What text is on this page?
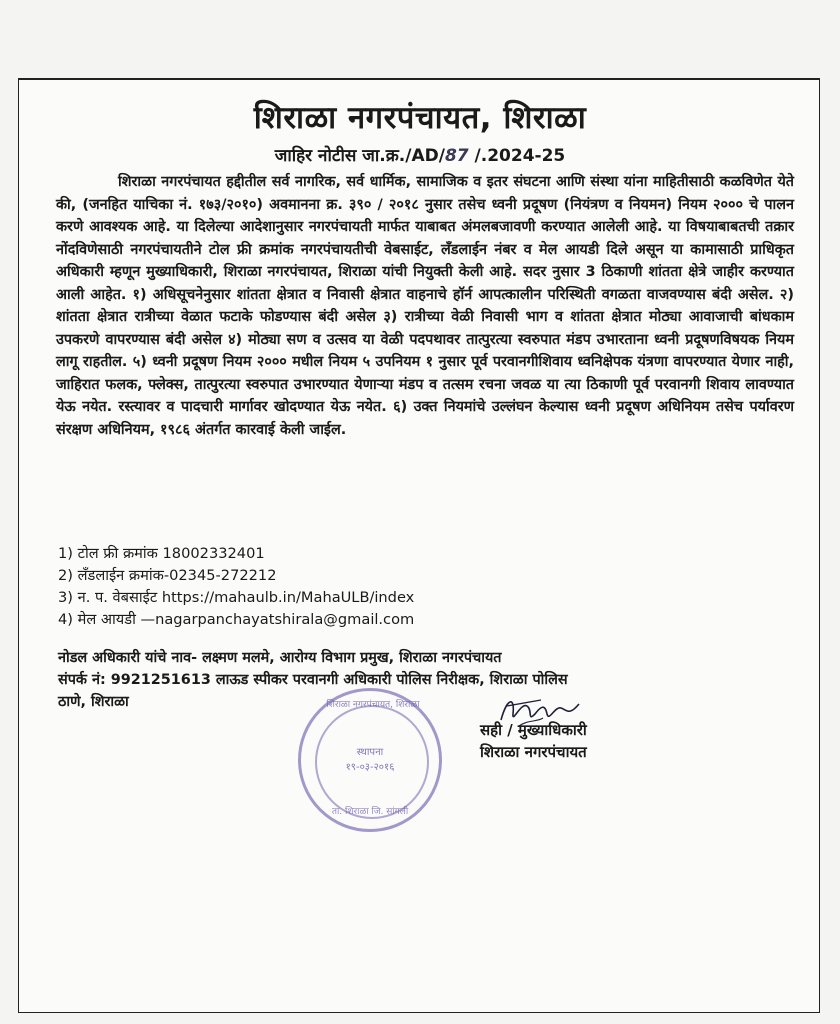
शिराळा नगरपंचायत, शिराळा
जाहिर नोटीस जा.क्र./AD/87 /.2024-25
शिराळा नगरपंचायत हद्दीतील सर्व नागरिक, सर्व धार्मिक, सामाजिक व इतर संघटना आणि संस्था यांना माहितीसाठी कळविणेत येते की, (जनहित याचिका नं. १७३/२०१०) अवमानना क्र. ३९० / २०१८ नुसार तसेच ध्वनी प्रदूषण (नियंत्रण व नियमन) नियम २००० चे पालन करणे आवश्यक आहे. या दिलेल्या आदेशानुसार नगरपंचायती मार्फत याबाबत अंमलबजावणी करण्यात आलेली आहे. या विषयाबाबतची तक्रार नोंदविणेसाठी नगरपंचायतीने टोल फ्री क्रमांक नगरपंचायतीची वेबसाईट, लँडलाईन नंबर व मेल आयडी दिले असून या कामासाठी प्राधिकृत अधिकारी म्हणून मुख्याधिकारी, शिराळा नगरपंचायत, शिराळा यांची नियुक्ती केली आहे. सदर नुसार 3 ठिकाणी शांतता क्षेत्रे जाहीर करण्यात आली आहेत. १) अधिसूचनेनुसार शांतता क्षेत्रात व निवासी क्षेत्रात वाहनाचे हॉर्न आपत्कालीन परिस्थिती वगळता वाजवण्यास बंदी असेल. २) शांतता क्षेत्रात रात्रीच्या वेळात फटाके फोडण्यास बंदी असेल ३) रात्रीच्या वेळी निवासी भाग व शांतता क्षेत्रात मोठ्या आवाजाची बांधकाम उपकरणे वापरण्यास बंदी असेल ४) मोठ्या सण व उत्सव या वेळी पदपथावर तात्पुरत्या स्वरुपात मंडप उभारताना ध्वनी प्रदूषणविषयक नियम लागू राहतील. ५) ध्वनी प्रदूषण नियम २००० मधील नियम ५ उपनियम १ नुसार पूर्व परवानगीशिवाय ध्वनिक्षेपक यंत्रणा वापरण्यात येणार नाही, जाहिरात फलक, फ्लेक्स, तात्पुरत्या स्वरुपात उभारण्यात येणाऱ्या मंडप व तत्सम रचना जवळ या त्या ठिकाणी पूर्व परवानगी शिवाय लावण्यात येऊ नयेत. रस्त्यावर व पादचारी मार्गावर खोदण्यात येऊ नयेत. ६) उक्त नियमांचे उल्लंघन केल्यास ध्वनी प्रदूषण अधिनियम तसेच पर्यावरण संरक्षण अधिनियम, १९८६ अंतर्गत कारवाई केली जाईल.
1) टोल फ्री क्रमांक 18002332401
2) लँडलाईन क्रमांक-02345-272212
3) न. प. वेबसाईट https://mahaulb.in/MahaULB/index
4) मेल आयडी —nagarpanchayatshirala@gmail.com
नोडल अधिकारी यांचे नाव- लक्ष्मण मलमे, आरोग्य विभाग प्रमुख, शिराळा नगरपंचायत
संपर्क नं: 9921251613 लाऊड स्पीकर परवानगी अधिकारी पोलिस निरीक्षक, शिराळा पोलिस
ठाणे, शिराळा	शिराळा नगरपंचायत, शिराळा
स्थापना
१९-०३-२०१६
ता. शिराळा जि. सांगली
सही / मुख्याधिकारी
शिराळा नगरपंचायत
